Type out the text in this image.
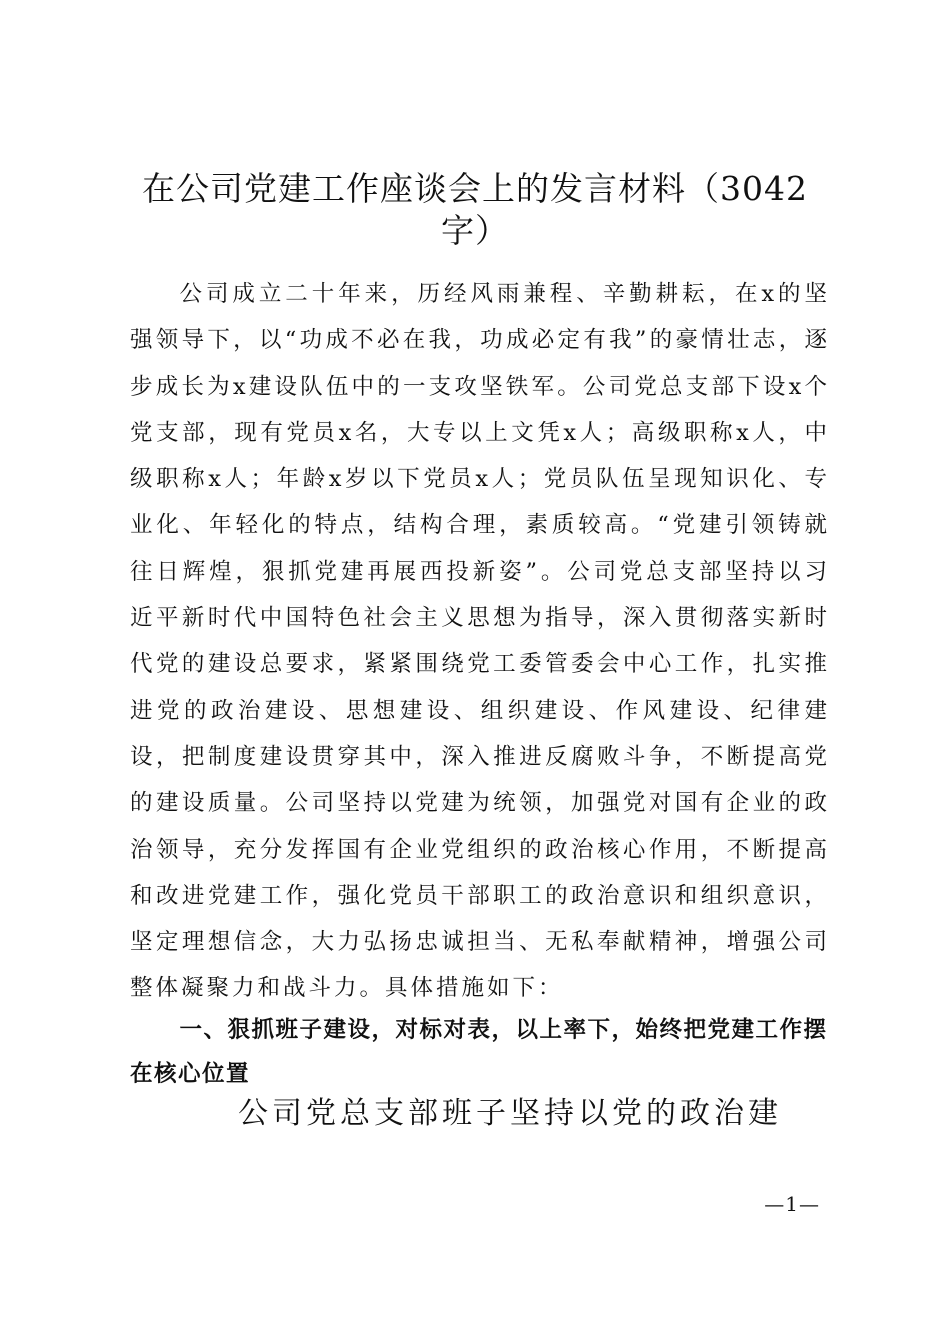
在公司党建工作座谈会上的发言材料（3042字）

公司成立二十年来，历经风雨兼程、辛勤耕耘，在x的坚强领导下，以“功成不必在我，功成必定有我”的豪情壮志，逐步成长为x建设队伍中的一支攻坚铁军。公司党总支部下设x个党支部，现有党员x名，大专以上文凭x人；高级职称x人，中级职称x人；年龄x岁以下党员x人；党员队伍呈现知识化、专业化、年轻化的特点，结构合理，素质较高。“党建引领铸就往日辉煌，狠抓党建再展西投新姿”。公司党总支部坚持以习近平新时代中国特色社会主义思想为指导，深入贯彻落实新时代党的建设总要求，紧紧围绕党工委管委会中心工作，扎实推进党的政治建设、思想建设、组织建设、作风建设、纪律建设，把制度建设贯穿其中，深入推进反腐败斗争，不断提高党的建设质量。公司坚持以党建为统领，加强党对国有企业的政治领导，充分发挥国有企业党组织的政治核心作用，不断提高和改进党建工作，强化党员干部职工的政治意识和组织意识，坚定理想信念，大力弘扬忠诚担当、无私奉献精神，增强公司整体凝聚力和战斗力。具体措施如下：

一、狠抓班子建设，对标对表，以上率下，始终把党建工作摆在核心位置

公司党总支部班子坚持以党的政治建

—1—
